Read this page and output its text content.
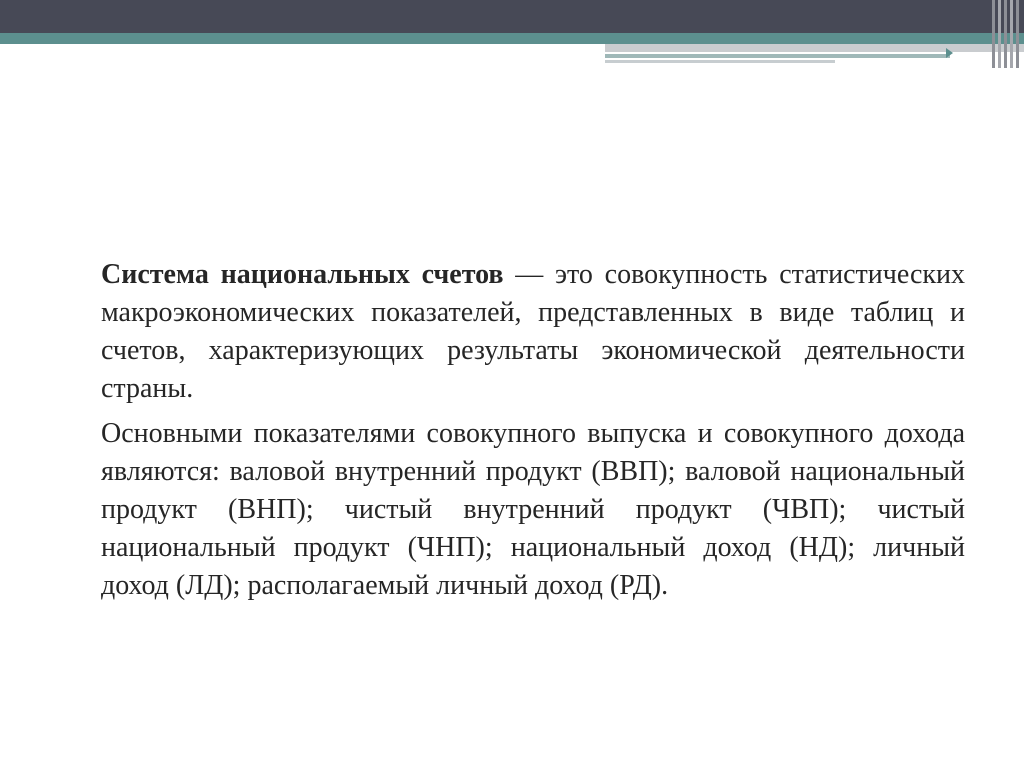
Система национальных счетов — это совокупность статистических макроэкономических показателей, представленных в виде таблиц и счетов, характеризующих результаты экономической деятельности страны.

Основными показателями совокупного выпуска и совокупного дохода являются: валовой внутренний продукт (ВВП); валовой национальный продукт (ВНП); чистый внутренний продукт (ЧВП); чистый национальный продукт (ЧНП); национальный доход (НД); личный доход (ЛД); располагаемый личный доход (РД).
